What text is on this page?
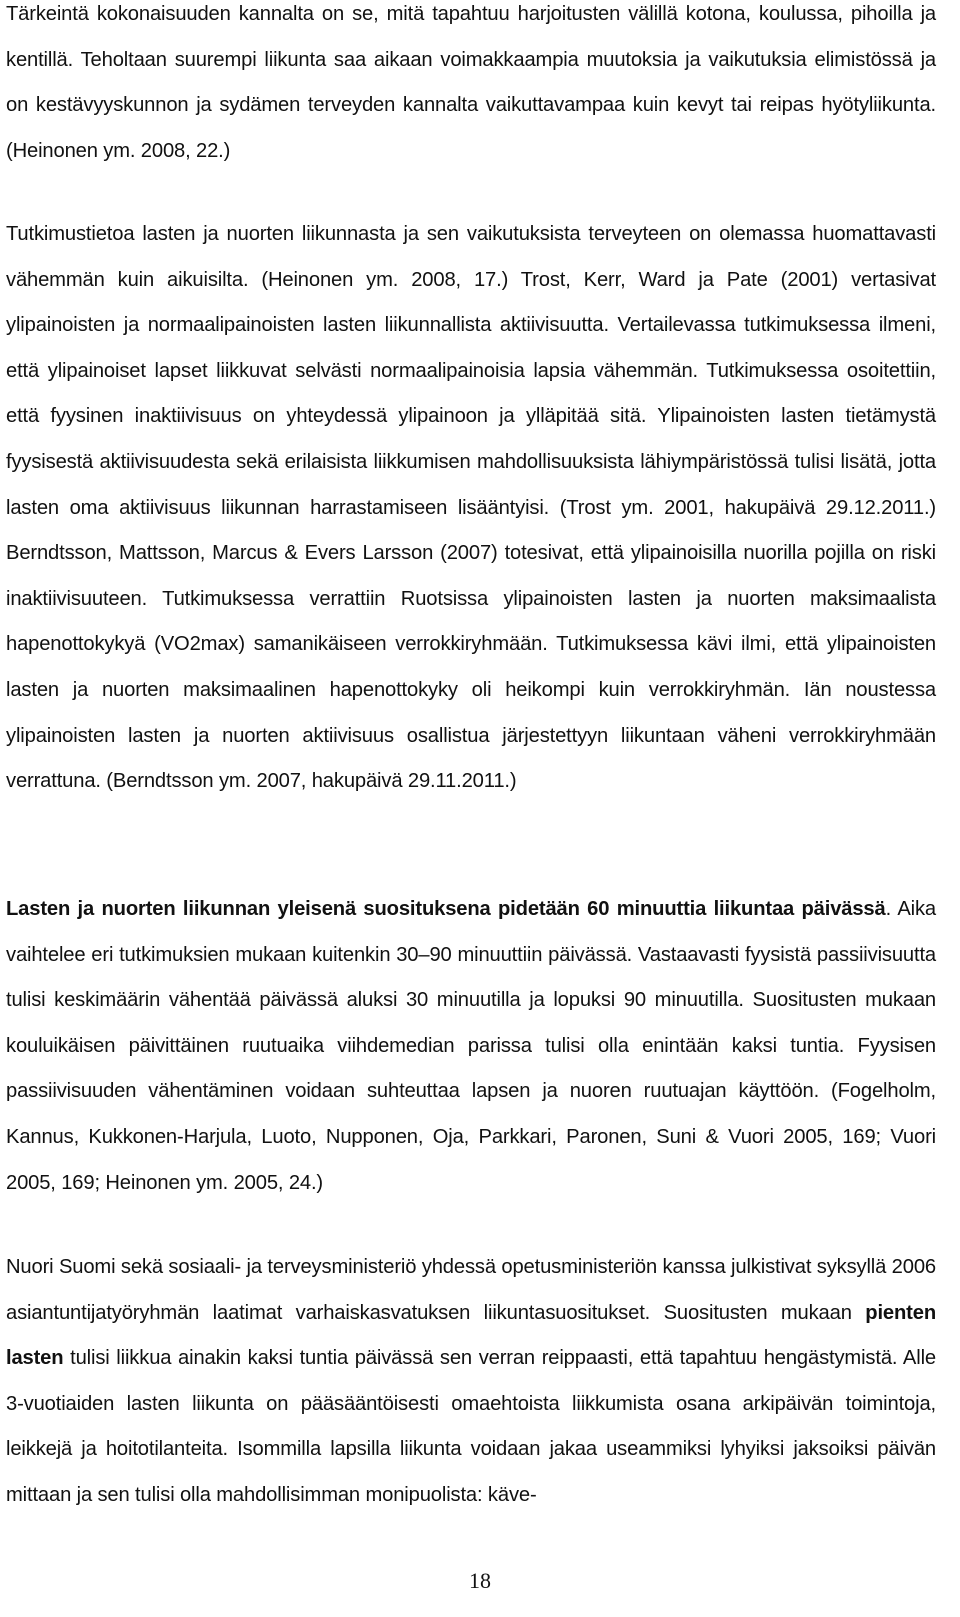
Tärkeintä kokonaisuuden kannalta on se, mitä tapahtuu harjoitusten välillä kotona, koulussa, pihoilla ja kentillä. Teholtaan suurempi liikunta saa aikaan voimakkaampia muutoksia ja vaikutuksia elimistössä ja on kestävyyskunnon ja sydämen terveyden kannalta vaikuttavampaa kuin kevyt tai reipas hyötyliikunta. (Heinonen ym. 2008, 22.)

Tutkimustietoa lasten ja nuorten liikunnasta ja sen vaikutuksista terveyteen on olemassa huomattavasti vähemmän kuin aikuisilta. (Heinonen ym. 2008, 17.) Trost, Kerr, Ward ja Pate (2001) vertasivat ylipainoisten ja normaalipainoisten lasten liikunnallista aktiivisuutta. Vertailevassa tutkimuksessa ilmeni, että ylipainoiset lapset liikkuvat selvästi normaalipainoisia lapsia vähemmän. Tutkimuksessa osoitettiin, että fyysinen inaktiivisuus on yhteydessä ylipainoon ja ylläpitää sitä. Ylipainoisten lasten tietämystä fyysisestä aktiivisuudesta sekä erilaisista liikkumisen mahdollisuuksista lähiympäristössä tulisi lisätä, jotta lasten oma aktiivisuus liikunnan harrastamiseen lisääntyisi. (Trost ym. 2001, hakupäivä 29.12.2011.) Berndtsson, Mattsson, Marcus & Evers Larsson (2007) totesivat, että ylipainoisilla nuorilla pojilla on riski inaktiivisuuteen. Tutkimuksessa verrattiin Ruotsissa ylipainoisten lasten ja nuorten maksimaalista hapenottokykyä (VO2max) samanikäiseen verrokkiryhmään. Tutkimuksessa kävi ilmi, että ylipainoisten lasten ja nuorten maksimaalinen hapenottokyky oli heikompi kuin verrokkiryhmän. Iän noustessa ylipainoisten lasten ja nuorten aktiivisuus osallistua järjestettyyn liikuntaan väheni verrokkiryhmään verrattuna. (Berndtsson ym. 2007, hakupäivä 29.11.2011.)

Lasten ja nuorten liikunnan yleisenä suosituksena pidetään 60 minuuttia liikuntaa päivässä. Aika vaihtelee eri tutkimuksien mukaan kuitenkin 30–90 minuuttiin päivässä. Vastaavasti fyysistä passiivisuutta tulisi keskimäärin vähentää päivässä aluksi 30 minuutilla ja lopuksi 90 minuutilla. Suositusten mukaan kouluikäisen päivittäinen ruutuaika viihdemedian parissa tulisi olla enintään kaksi tuntia. Fyysisen passiivisuuden vähentäminen voidaan suhteuttaa lapsen ja nuoren ruutuajan käyttöön. (Fogelholm, Kannus, Kukkonen-Harjula, Luoto, Nupponen, Oja, Parkkari, Paronen, Suni & Vuori 2005, 169; Vuori 2005, 169; Heinonen ym. 2005, 24.)

Nuori Suomi sekä sosiaali- ja terveysministeriö yhdessä opetusministeriön kanssa julkistivat syksyllä 2006 asiantuntijatyöryhmän laatimat varhaiskasvatuksen liikuntasuositukset. Suositusten mukaan pienten lasten tulisi liikkua ainakin kaksi tuntia päivässä sen verran reippaasti, että tapahtuu hengästymistä. Alle 3-vuotiaiden lasten liikunta on pääsääntöisesti omaehtoista liikkumista osana arkipäivän toimintoja, leikkejä ja hoitotilanteita. Isommilla lapsilla liikunta voidaan jakaa useammiksi lyhyiksi jaksoiksi päivän mittaan ja sen tulisi olla mahdollisimman monipuolista: käve-

18
